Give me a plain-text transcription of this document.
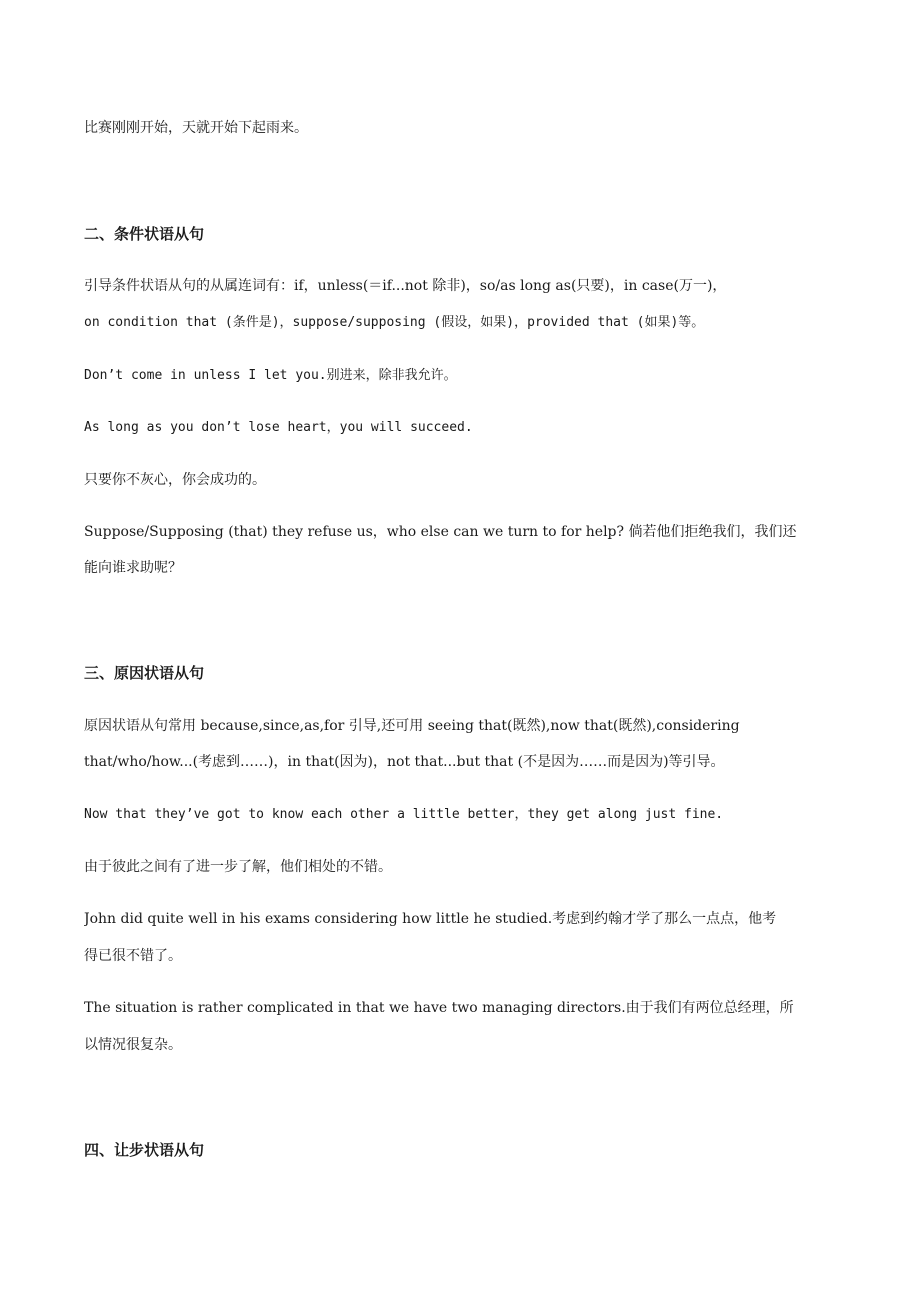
比赛刚刚开始，天就开始下起雨来。
二、条件状语从句
引导条件状语从句的从属连词有：if，unless(＝if...not 除非)，so/as long as(只要)，in case(万一)，
on condition that (条件是)，suppose/supposing (假设，如果)，provided that (如果)等。
Don’t come in unless I let you.别进来，除非我允许。
As long as you don’t lose heart，you will succeed.
只要你不灰心，你会成功的。
Suppose/Supposing (that) they refuse us，who else can we turn to for help? 倘若他们拒绝我们，我们还
能向谁求助呢？
三、原因状语从句
原因状语从句常用 because,since,as,for 引导,还可用 seeing that(既然),now that(既然),considering
that/who/how...(考虑到……)，in that(因为)，not that...but that (不是因为……而是因为)等引导。
Now that they’ve got to know each other a little better，they get along just fine.
由于彼此之间有了进一步了解，他们相处的不错。
John did quite well in his exams considering how little he studied.考虑到约翰才学了那么一点点，他考
得已很不错了。
The situation is rather complicated in that we have two managing directors.由于我们有两位总经理，所
以情况很复杂。
四、让步状语从句
